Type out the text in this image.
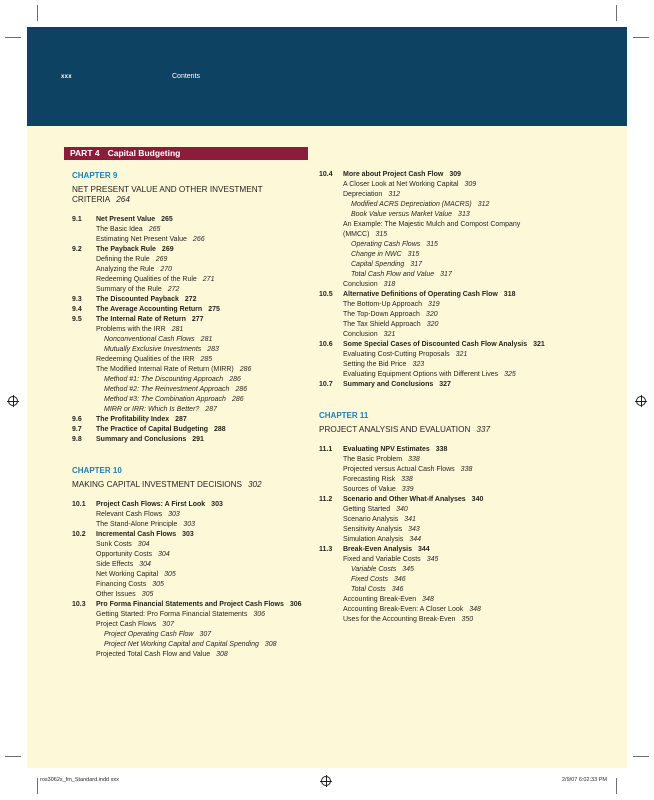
xxx	Contents
PART 4 Capital Budgeting
CHAPTER 9
NET PRESENT VALUE AND OTHER INVESTMENT CRITERIA 264
9.1 Net Present Value 265
The Basic Idea 265
Estimating Net Present Value 266
9.2 The Payback Rule 269
Defining the Rule 269
Analyzing the Rule 270
Redeeming Qualities of the Rule 271
Summary of the Rule 272
9.3 The Discounted Payback 272
9.4 The Average Accounting Return 275
9.5 The Internal Rate of Return 277
Problems with the IRR 281
Nonconventional Cash Flows 281
Mutually Exclusive Investments 283
Redeeming Qualities of the IRR 285
The Modified Internal Rate of Return (MIRR) 286
Method #1: The Discounting Approach 286
Method #2: The Reinvestment Approach 286
Method #3: The Combination Approach 286
MIRR or IRR: Which Is Better? 287
9.6 The Profitability Index 287
9.7 The Practice of Capital Budgeting 288
9.8 Summary and Conclusions 291
CHAPTER 10
MAKING CAPITAL INVESTMENT DECISIONS 302
10.1 Project Cash Flows: A First Look 303
Relevant Cash Flows 303
The Stand-Alone Principle 303
10.2 Incremental Cash Flows 303
Sunk Costs 304
Opportunity Costs 304
Side Effects 304
Net Working Capital 305
Financing Costs 305
Other Issues 305
10.3 Pro Forma Financial Statements and Project Cash Flows 306
Getting Started: Pro Forma Financial Statements 306
Project Cash Flows 307
Project Operating Cash Flow 307
Project Net Working Capital and Capital Spending 308
Projected Total Cash Flow and Value 308
10.4 More about Project Cash Flow 309
A Closer Look at Net Working Capital 309
Depreciation 312
Modified ACRS Depreciation (MACRS) 312
Book Value versus Market Value 313
An Example: The Majestic Mulch and Compost Company (MMCC) 315
Operating Cash Flows 315
Change in NWC 315
Capital Spending 317
Total Cash Flow and Value 317
Conclusion 318
10.5 Alternative Definitions of Operating Cash Flow 318
The Bottom-Up Approach 319
The Top-Down Approach 320
The Tax Shield Approach 320
Conclusion 321
10.6 Some Special Cases of Discounted Cash Flow Analysis 321
Evaluating Cost-Cutting Proposals 321
Setting the Bid Price 323
Evaluating Equipment Options with Different Lives 325
10.7 Summary and Conclusions 327
CHAPTER 11
PROJECT ANALYSIS AND EVALUATION 337
11.1 Evaluating NPV Estimates 338
The Basic Problem 338
Projected versus Actual Cash Flows 338
Forecasting Risk 338
Sources of Value 339
11.2 Scenario and Other What-If Analyses 340
Getting Started 340
Scenario Analysis 341
Sensitivity Analysis 343
Simulation Analysis 344
11.3 Break-Even Analysis 344
Fixed and Variable Costs 345
Variable Costs 345
Fixed Costs 346
Total Costs 346
Accounting Break-Even 348
Accounting Break-Even: A Closer Look 348
Uses for the Accounting Break-Even 350
ros3062x_fm_Standard.indd xxx	2/9/07 6:02:33 PM
